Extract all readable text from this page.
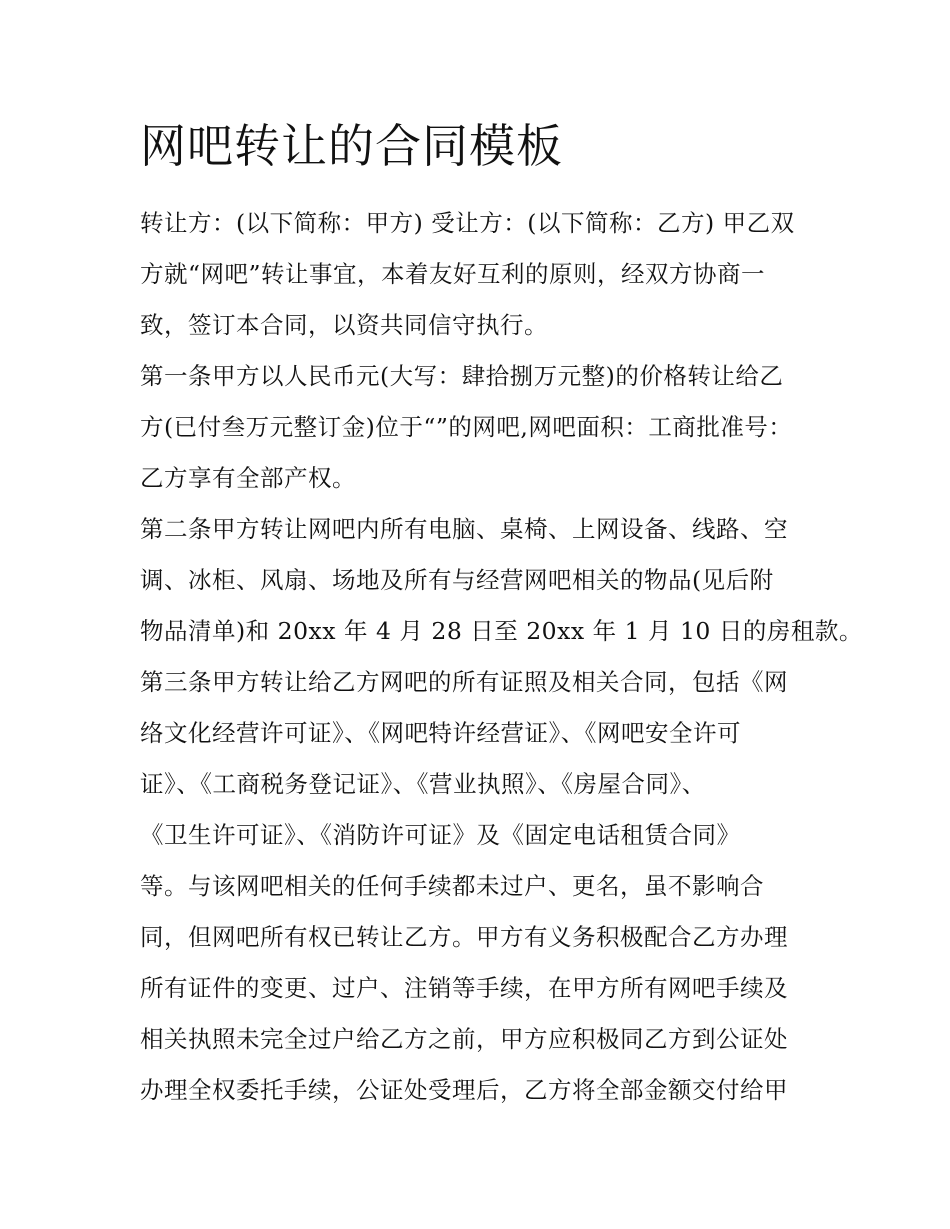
网吧转让的合同模板

转让方：(以下简称：甲方) 受让方：(以下简称：乙方) 甲乙双

方就“网吧”转让事宜，本着友好互利的原则，经双方协商一

致，签订本合同，以资共同信守执行。

第一条甲方以人民币元(大写：肆拾捌万元整)的价格转让给乙

方(已付叁万元整订金)位于“”的网吧,网吧面积：工商批准号：

乙方享有全部产权。

第二条甲方转让网吧内所有电脑、桌椅、上网设备、线路、空

调、冰柜、风扇、场地及所有与经营网吧相关的物品(见后附

物品清单)和 20xx 年 4 月 28 日至 20xx 年 1 月 10 日的房租款。

第三条甲方转让给乙方网吧的所有证照及相关合同，包括《网

络文化经营许可证》、《网吧特许经营证》、《网吧安全许可

证》、《工商税务登记证》、《营业执照》、《房屋合同》、

《卫生许可证》、《消防许可证》及《固定电话租赁合同》

等。与该网吧相关的任何手续都未过户、更名，虽不影响合

同，但网吧所有权已转让乙方。甲方有义务积极配合乙方办理

所有证件的变更、过户、注销等手续，在甲方所有网吧手续及

相关执照未完全过户给乙方之前，甲方应积极同乙方到公证处

办理全权委托手续，公证处受理后，乙方将全部金额交付给甲
